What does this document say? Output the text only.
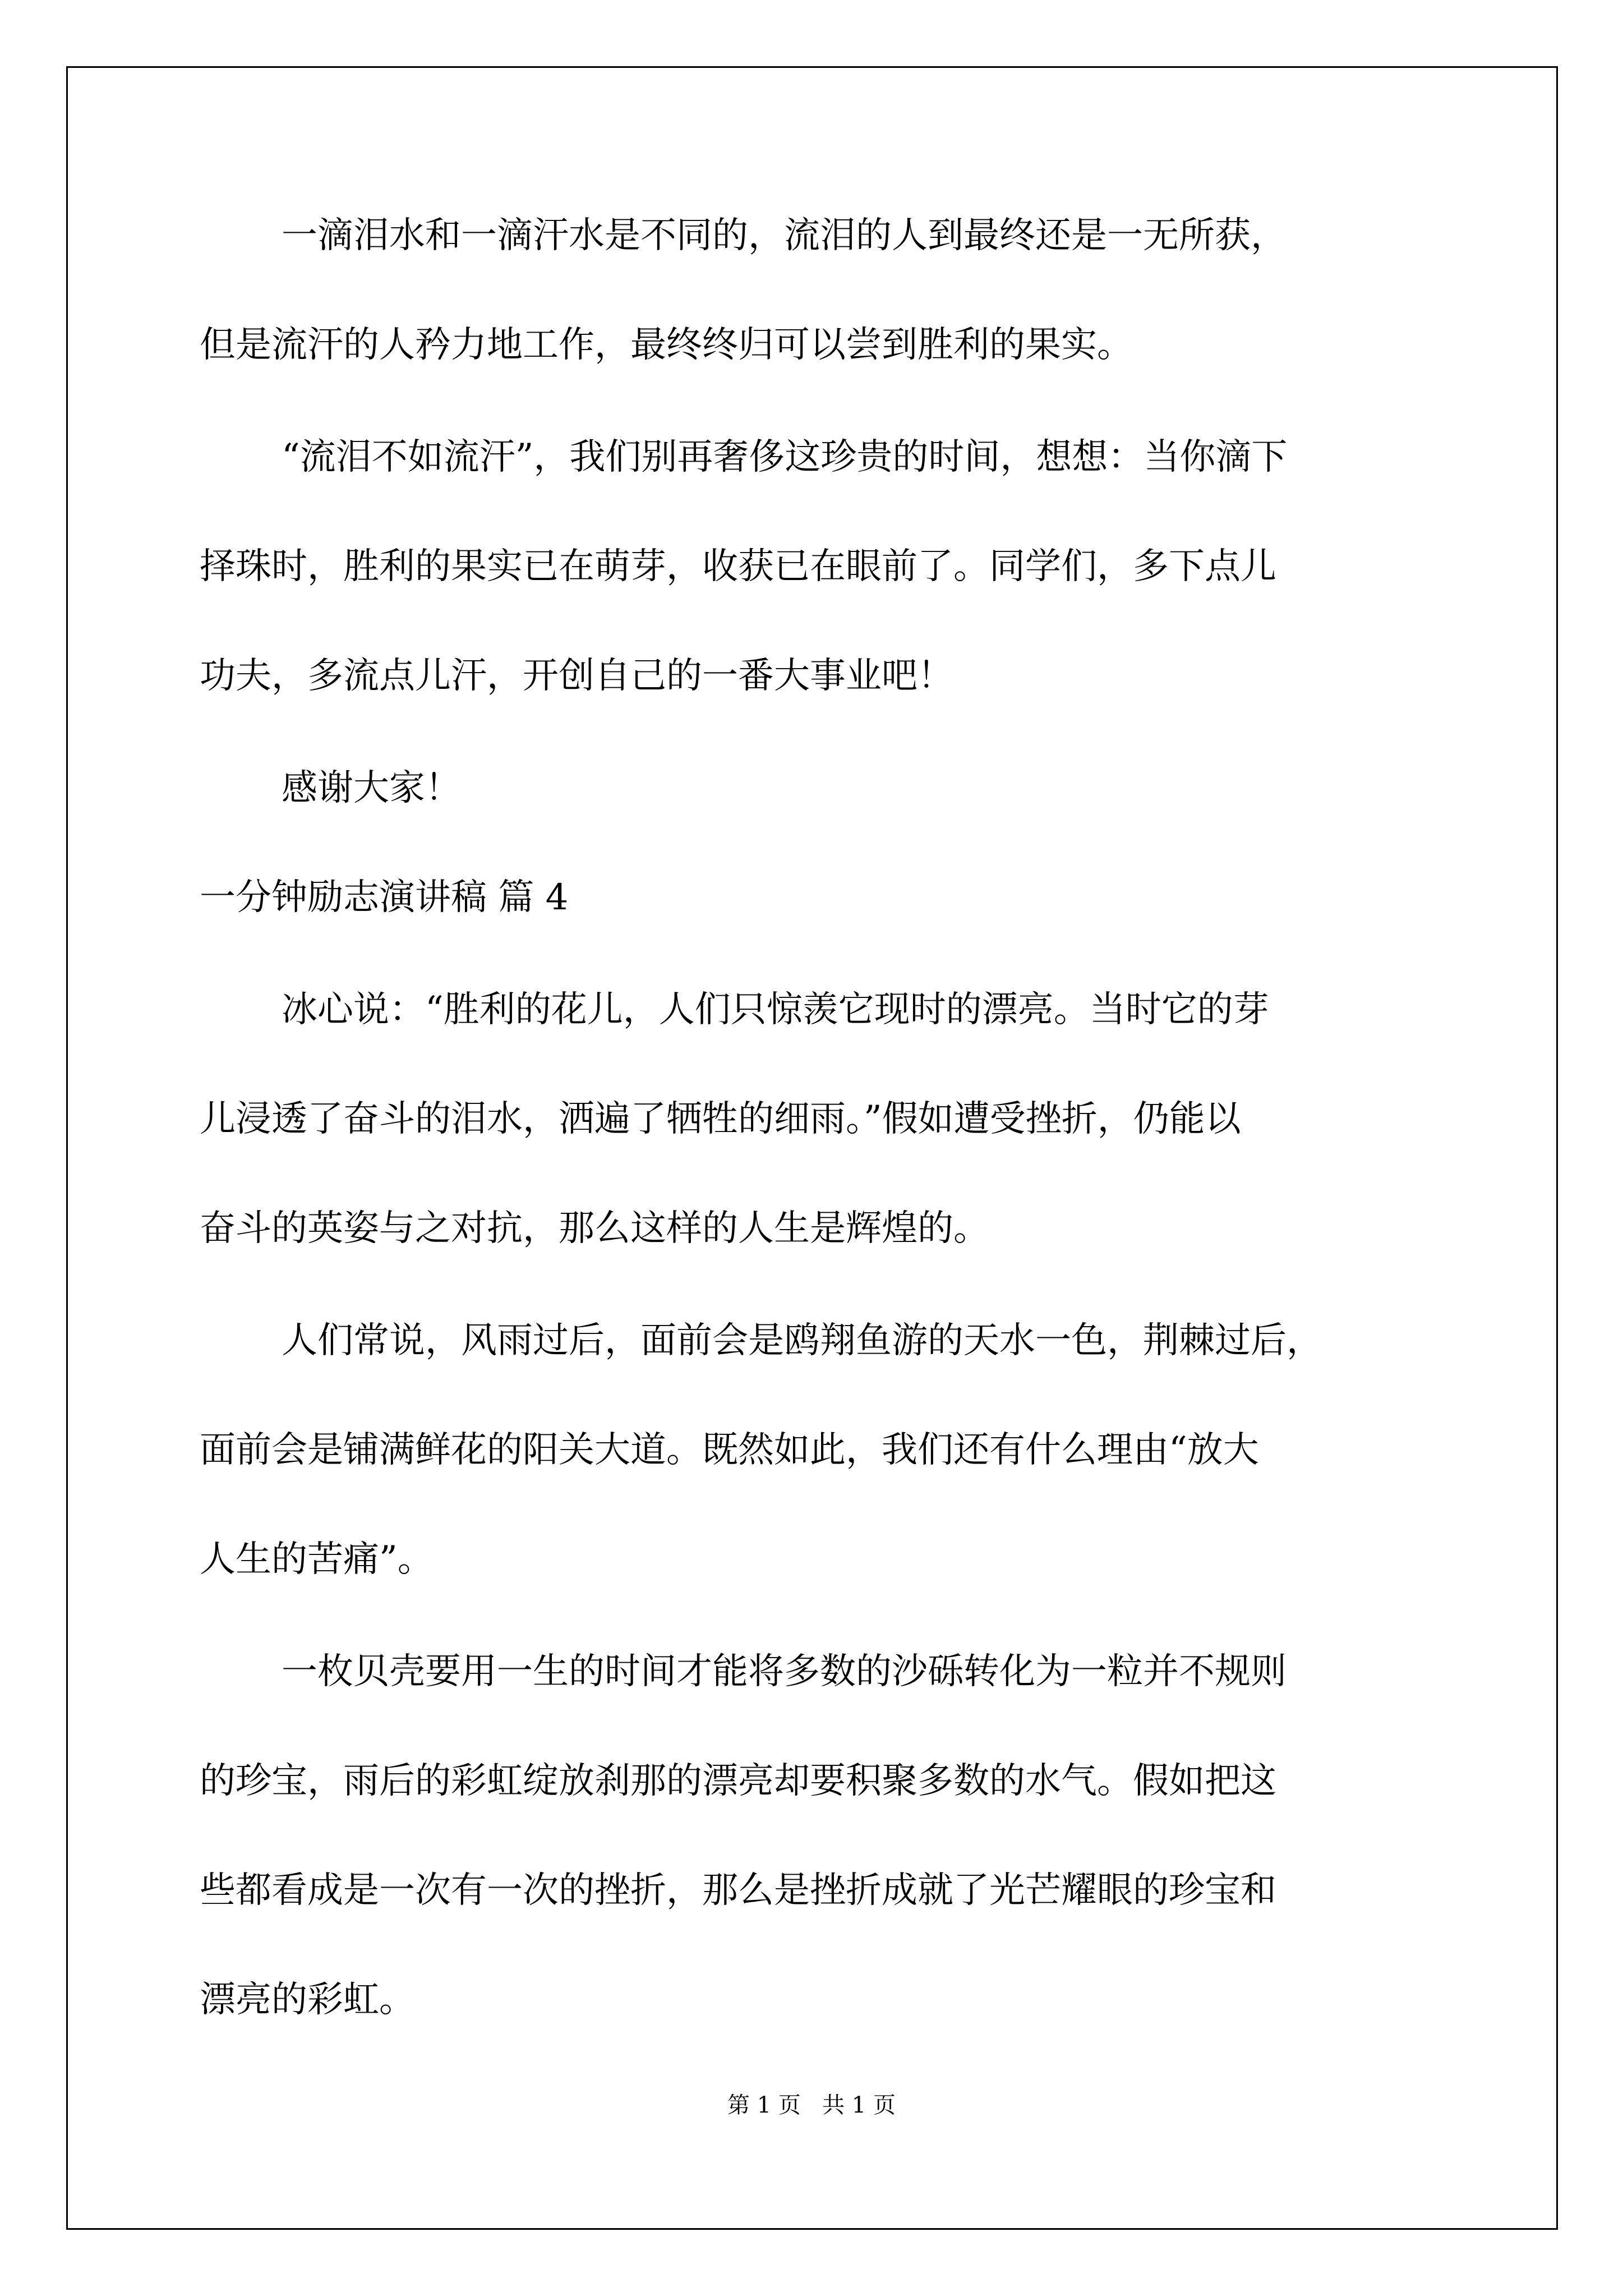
一滴泪水和一滴汗水是不同的，流泪的人到最终还是一无所获，
但是流汗的人矜力地工作，最终终归可以尝到胜利的果实。
“流泪不如流汗”，我们别再奢侈这珍贵的时间，想想：当你滴下
择珠时，胜利的果实已在萌芽，收获已在眼前了。同学们，多下点儿
功夫，多流点儿汗，开创自己的一番大事业吧！
感谢大家！
一分钟励志演讲稿 篇 4
冰心说：“胜利的花儿，人们只惊羡它现时的漂亮。当时它的芽
儿浸透了奋斗的泪水，洒遍了牺牲的细雨。”假如遭受挫折，仍能以
奋斗的英姿与之对抗，那么这样的人生是辉煌的。
人们常说，风雨过后，面前会是鸥翔鱼游的天水一色，荆棘过后，
面前会是铺满鲜花的阳关大道。既然如此，我们还有什么理由“放大
人生的苦痛”。
一枚贝壳要用一生的时间才能将多数的沙砾转化为一粒并不规则
的珍宝，雨后的彩虹绽放刹那的漂亮却要积聚多数的水气。假如把这
些都看成是一次有一次的挫折，那么是挫折成就了光芒耀眼的珍宝和
漂亮的彩虹。
第 1 页   共 1 页
